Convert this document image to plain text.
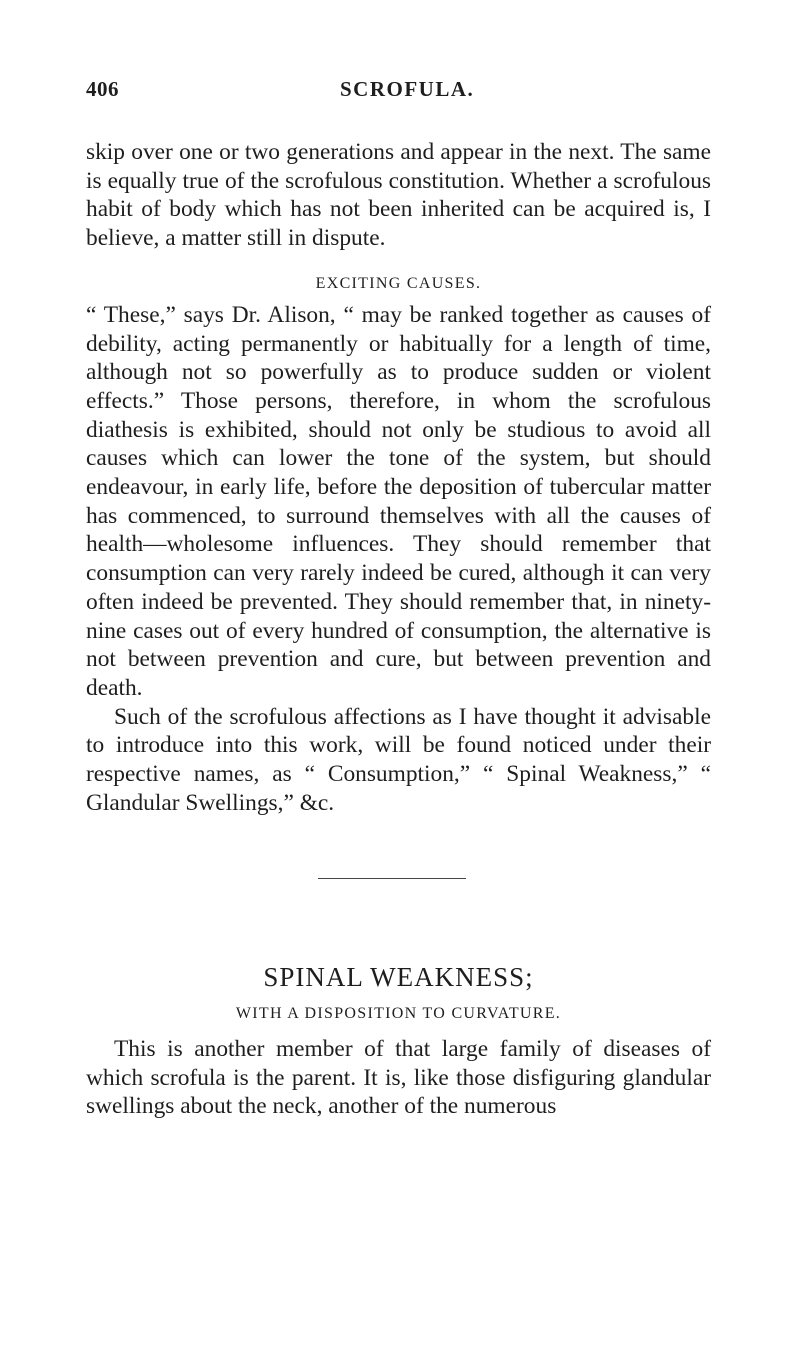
406	SCROFULA.

skip over one or two generations and appear in the next. The same is equally true of the scrofulous constitution. Whether a scrofulous habit of body which has not been inherited can be acquired is, I believe, a matter still in dispute.

EXCITING CAUSES.

“ These,” says Dr. Alison, “ may be ranked together as causes of debility, acting permanently or habitually for a length of time, although not so powerfully as to produce sudden or violent effects.” Those persons, therefore, in whom the scrofulous diathesis is exhibited, should not only be studious to avoid all causes which can lower the tone of the system, but should endeavour, in early life, before the deposition of tubercular matter has commenced, to surround themselves with all the causes of health—wholesome influences. They should remember that consumption can very rarely indeed be cured, although it can very often indeed be prevented. They should remember that, in ninety-nine cases out of every hundred of consumption, the alternative is not between prevention and cure, but between prevention and death.

Such of the scrofulous affections as I have thought it advisable to introduce into this work, will be found noticed under their respective names, as “ Consumption,” “ Spinal Weakness,” “ Glandular Swellings,” &c.

SPINAL WEAKNESS;
WITH A DISPOSITION TO CURVATURE.

This is another member of that large family of diseases of which scrofula is the parent. It is, like those disfiguring glandular swellings about the neck, another of the numerous
